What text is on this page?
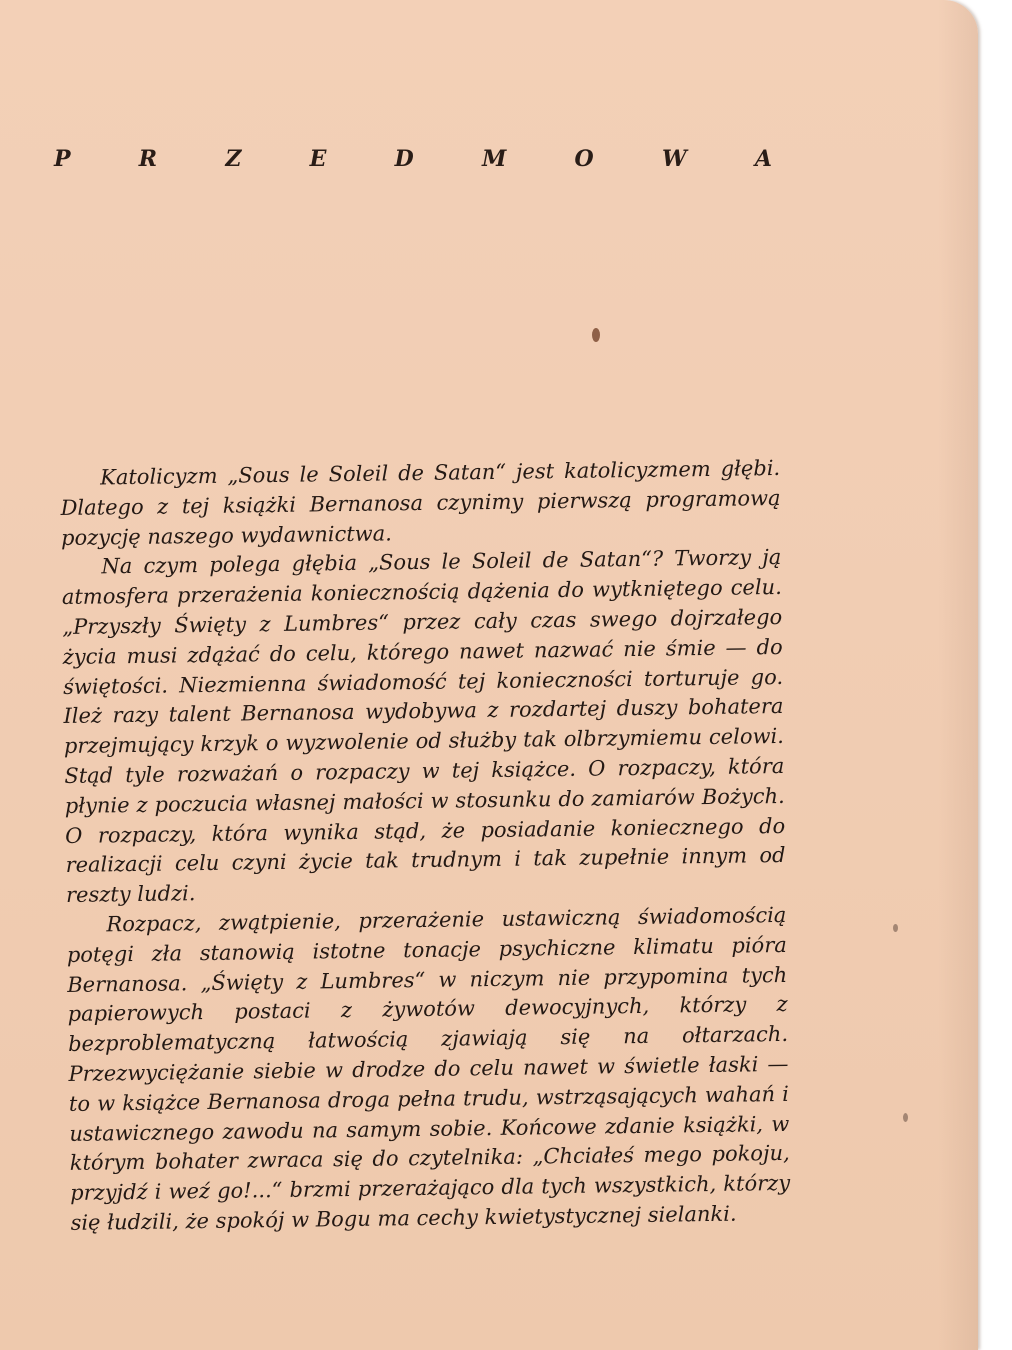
P	R	Z	E	D	M	O	W	A

Katolicyzm „Sous le Soleil de Satan“ jest katolicyzmem głębi. Dlatego z tej książki Bernanosa czynimy pierwszą programową pozycję naszego wydawnictwa.

Na czym polega głębia „Sous le Soleil de Satan“? Tworzy ją atmosfera przerażenia koniecznością dążenia do wytkniętego celu. „Przyszły Święty z Lumbres“ przez cały czas swego dojrzałego życia musi zdążać do celu, którego nawet nazwać nie śmie — do świętości. Niezmienna świadomość tej konieczności torturuje go. Ileż razy talent Bernanosa wydobywa z rozdartej duszy bohatera przejmujący krzyk o wyzwolenie od służby tak olbrzymiemu celowi. Stąd tyle rozważań o rozpaczy w tej książce. O rozpaczy, która płynie z poczucia własnej małości w stosunku do zamiarów Bożych. O rozpaczy, która wynika stąd, że posiadanie koniecznego do realizacji celu czyni życie tak trudnym i tak zupełnie innym od reszty ludzi.

Rozpacz, zwątpienie, przerażenie ustawiczną świadomością potęgi zła stanowią istotne tonacje psychiczne klimatu pióra Bernanosa. „Święty z Lumbres“ w niczym nie przypomina tych papierowych postaci z żywotów dewocyjnych, którzy z bezproblematyczną łatwością zjawiają się na ołtarzach. Przezwyciężanie siebie w drodze do celu nawet w świetle łaski — to w książce Bernanosa droga pełna trudu, wstrząsających wahań i ustawicznego zawodu na samym sobie. Końcowe zdanie książki, w którym bohater zwraca się do czytelnika: „Chciałeś mego pokoju, przyjdź i weź go!...“ brzmi przerażająco dla tych wszystkich, którzy się łudzili, że spokój w Bogu ma cechy kwietystycznej sielanki.
